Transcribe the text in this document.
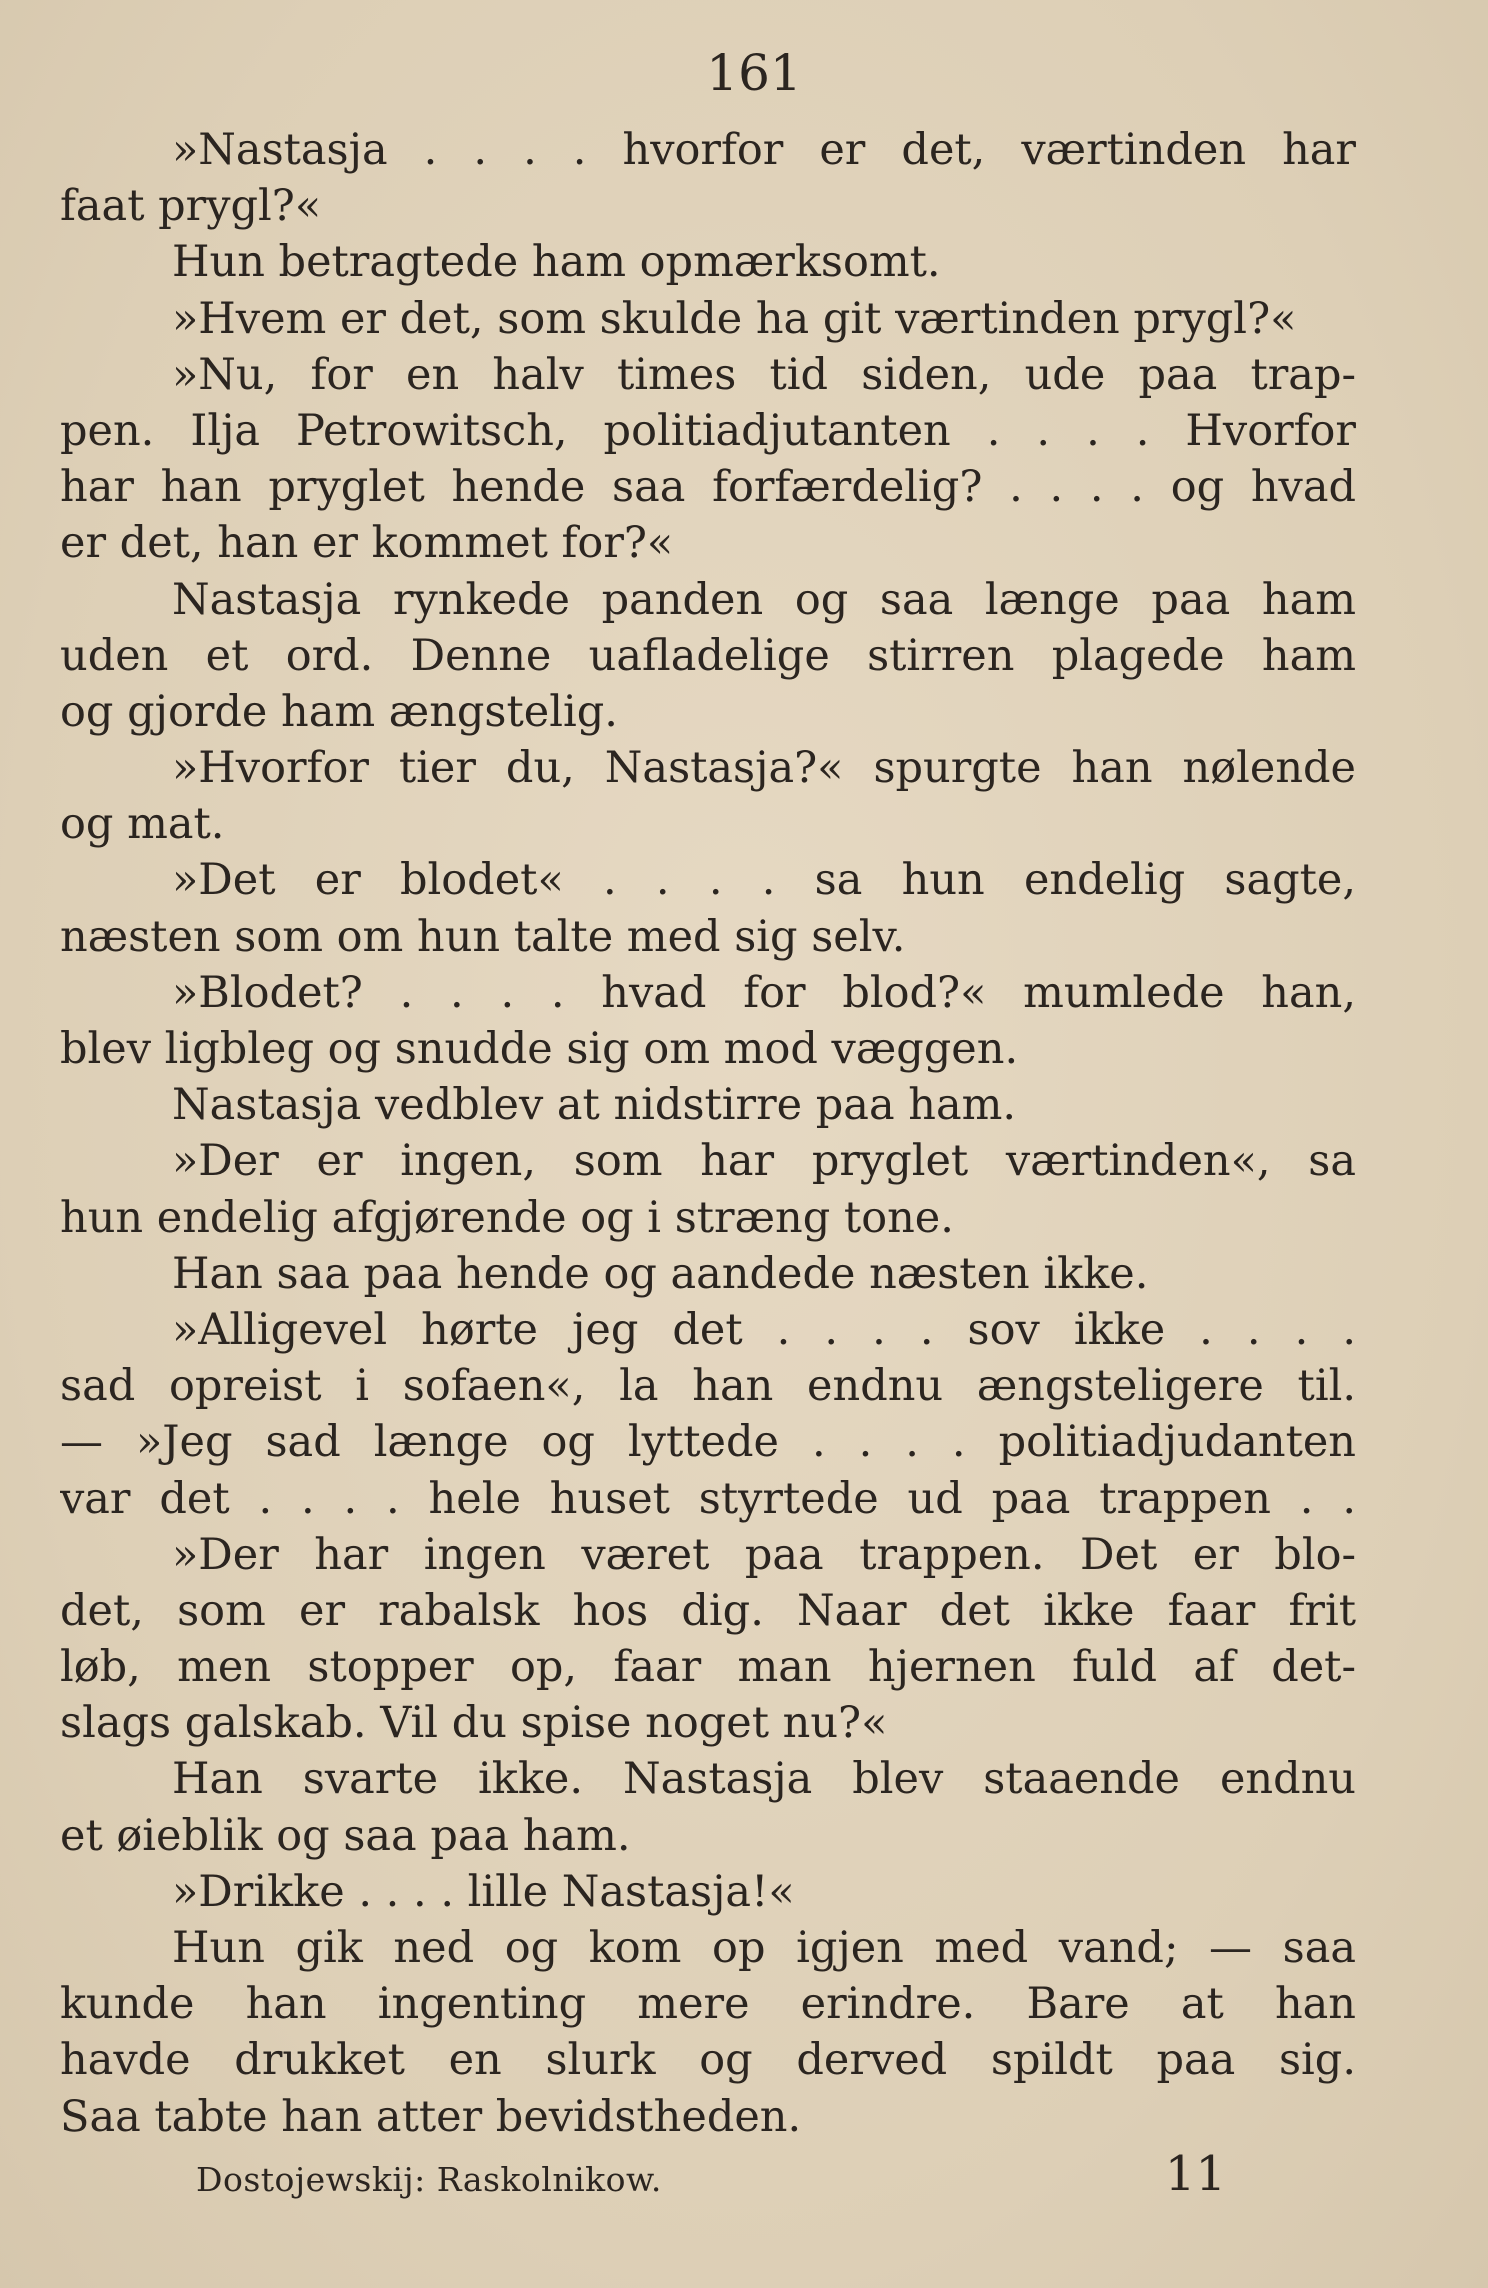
161
»Nastasja . . . . hvorfor er det, værtinden har
faat prygl?«
Hun betragtede ham opmærksomt.
»Hvem er det, som skulde ha git værtinden prygl?«
»Nu, for en halv times tid siden, ude paa trap-
pen. Ilja Petrowitsch, politiadjutanten . . . . Hvorfor
har han pryglet hende saa forfærdelig? . . . . og hvad
er det, han er kommet for?«
Nastasja rynkede panden og saa længe paa ham
uden et ord. Denne uafladelige stirren plagede ham
og gjorde ham ængstelig.
»Hvorfor tier du, Nastasja?« spurgte han nølende
og mat.
»Det er blodet« . . . . sa hun endelig sagte,
næsten som om hun talte med sig selv.
»Blodet? . . . . hvad for blod?« mumlede han,
blev ligbleg og snudde sig om mod væggen.
Nastasja vedblev at nidstirre paa ham.
»Der er ingen, som har pryglet værtinden«, sa
hun endelig afgjørende og i stræng tone.
Han saa paa hende og aandede næsten ikke.
»Alligevel hørte jeg det . . . . sov ikke . . . .
sad opreist i sofaen«, la han endnu ængsteligere til.
— »Jeg sad længe og lyttede . . . . politiadjudanten
var det . . . . hele huset styrtede ud paa trappen . .
»Der har ingen været paa trappen. Det er blo-
det, som er rabalsk hos dig. Naar det ikke faar frit
løb, men stopper op, faar man hjernen fuld af det-
slags galskab. Vil du spise noget nu?«
Han svarte ikke. Nastasja blev staaende endnu
et øieblik og saa paa ham.
»Drikke . . . . lille Nastasja!«
Hun gik ned og kom op igjen med vand; — saa
kunde han ingenting mere erindre. Bare at han
havde drukket en slurk og derved spildt paa sig.
Saa tabte han atter bevidstheden.
Dostojewskij: Raskolnikow.	11
